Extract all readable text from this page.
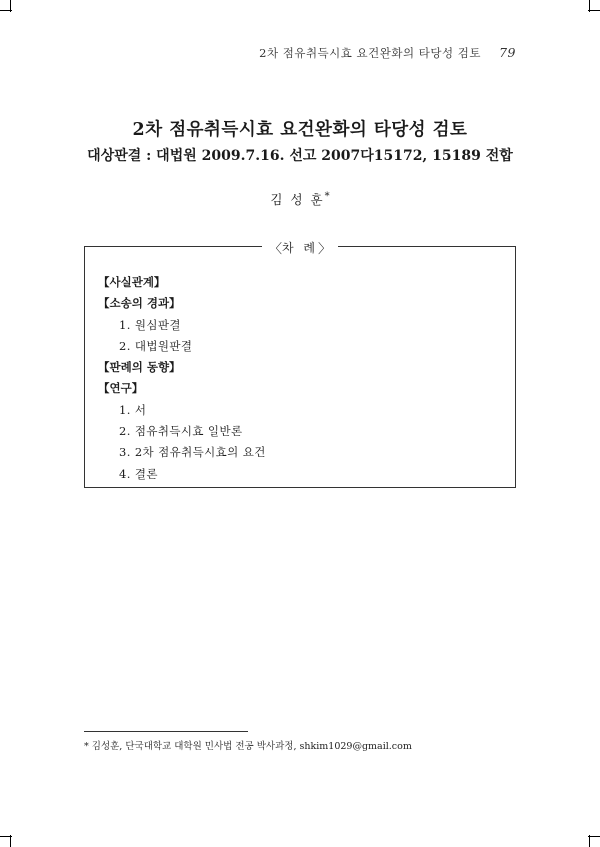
2차 점유취득시효 요건완화의 타당성 검토 79
2차 점유취득시효 요건완화의 타당성 검토
대상판결 : 대법원 2009.7.16. 선고 2007다15172, 15189 전합
김 성 훈*
〈 차 례 〉
【사실관계】
【소송의 경과】
1. 원심판결
2. 대법원판결
【판례의 동향】
【연구】
1. 서
2. 점유취득시효 일반론
3. 2차 점유취득시효의 요건
4. 결론
* 김성훈, 단국대학교 대학원 민사법 전공 박사과정, shkim1029@gmail.com
